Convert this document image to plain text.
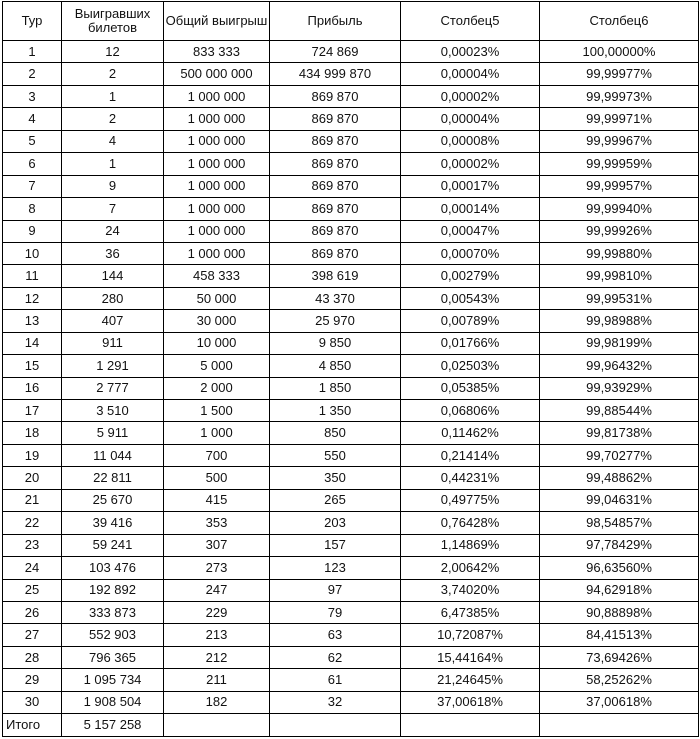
Тур	Выигравших билетов	Общий выигрыш	Прибыль	Столбец5	Столбец6
1	12	833 333	724 869	0,00023%	100,00000%
2	2	500 000 000	434 999 870	0,00004%	99,99977%
3	1	1 000 000	869 870	0,00002%	99,99973%
4	2	1 000 000	869 870	0,00004%	99,99971%
5	4	1 000 000	869 870	0,00008%	99,99967%
6	1	1 000 000	869 870	0,00002%	99,99959%
7	9	1 000 000	869 870	0,00017%	99,99957%
8	7	1 000 000	869 870	0,00014%	99,99940%
9	24	1 000 000	869 870	0,00047%	99,99926%
10	36	1 000 000	869 870	0,00070%	99,99880%
11	144	458 333	398 619	0,00279%	99,99810%
12	280	50 000	43 370	0,00543%	99,99531%
13	407	30 000	25 970	0,00789%	99,98988%
14	911	10 000	9 850	0,01766%	99,98199%
15	1 291	5 000	4 850	0,02503%	99,96432%
16	2 777	2 000	1 850	0,05385%	99,93929%
17	3 510	1 500	1 350	0,06806%	99,88544%
18	5 911	1 000	850	0,11462%	99,81738%
19	11 044	700	550	0,21414%	99,70277%
20	22 811	500	350	0,44231%	99,48862%
21	25 670	415	265	0,49775%	99,04631%
22	39 416	353	203	0,76428%	98,54857%
23	59 241	307	157	1,14869%	97,78429%
24	103 476	273	123	2,00642%	96,63560%
25	192 892	247	97	3,74020%	94,62918%
26	333 873	229	79	6,47385%	90,88898%
27	552 903	213	63	10,72087%	84,41513%
28	796 365	212	62	15,44164%	73,69426%
29	1 095 734	211	61	21,24645%	58,25262%
30	1 908 504	182	32	37,00618%	37,00618%
Итого	5 157 258				
